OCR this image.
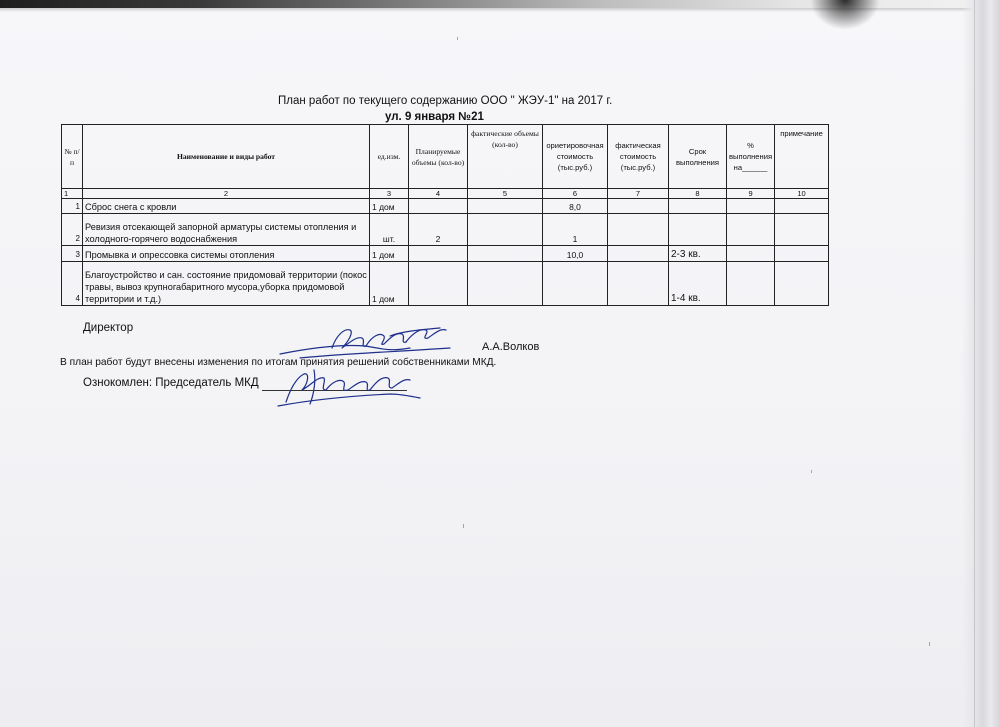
План работ по текущего содержанию ООО " ЖЭУ-1" на 2017 г.
ул. 9 января №21
№ п/п	Наименование и виды работ	ед.изм.	Планируемые объемы (кол-во)	фактические объемы (кол-во)	ориетировочная стоимость (тыс.руб.)	фактическая стоимость (тыс.руб.)	Срок выполнения	% выполнения на______	примечание
1	2	3	4	5	6	7	8	9	10
1	Сброс снега с кровли	1 дом			8,0				
2	Ревизия отсекающей запорной арматуры системы отопления и холодного-горячего водоснабжения	шт.	2		1				
3	Промывка и опрессовка системы отопления	1 дом			10,0		2-3 кв.		
4	Благоустройство и сан. состояние придомовай территории (покос травы, вывоз крупногабаритного мусора,уборка придомовой территории и т.д.)	1 дом					1-4 кв.		
Директор
А.А.Волков
В план работ будут внесены изменения по итогам принятия решений собственниками МКД.
Ознокомлен: Председатель МКД
